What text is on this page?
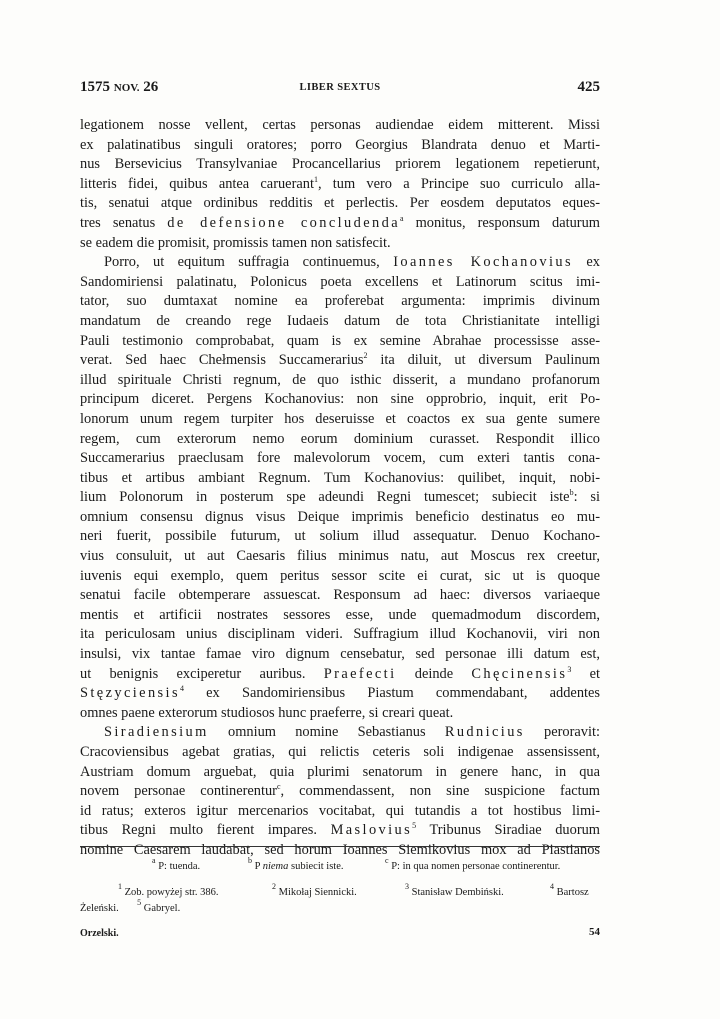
1575 NOV. 26	LIBER SEXTUS	425
legationem nosse vellent, certas personas audiendae eidem mitterent. Missi
ex palatinatibus singuli oratores; porro Georgius Blandrata denuo et Marti-
nus Bersevicius Transylvaniae Procancellarius priorem legationem repetierunt,
litteris fidei, quibus antea caruerant$^1$, tum vero a Principe suo curriculo alla-
tis, senatui atque ordinibus redditis et perlectis. Per eosdem deputatos eques-
tres senatus de defensione concludenda$^a$ monitus, responsum daturum
se eadem die promisit, promissis tamen non satisfecit.
Porro, ut equitum suffragia continuemus, Ioannes Kochanovius ex
Sandomiriensi palatinatu, Polonicus poeta excellens et Latinorum scitus imi-
tator, suo dumtaxat nomine ea proferebat argumenta: imprimis divinum
mandatum de creando rege Iudaeis datum de tota Christianitate intelligi
Pauli testimonio comprobabat, quam is ex semine Abrahae processisse asse-
verat. Sed haec Chełmensis Succamerarius$^2$ ita diluit, ut diversum Paulinum
illud spirituale Christi regnum, de quo isthic disserit, a mundano profanorum
principum diceret. Pergens Kochanovius: non sine opprobrio, inquit, erit Po-
lonorum unum regem turpiter hos deseruisse et coactos ex sua gente sumere
regem, cum exterorum nemo eorum dominium curasset. Respondit illico
Succamerarius praeclusam fore malevolorum vocem, cum exteri tantis cona-
tibus et artibus ambiant Regnum. Tum Kochanovius: quilibet, inquit, nobi-
lium Polonorum in posterum spe adeundi Regni tumescet; subiecit iste$^b$: si
omnium consensu dignus visus Deique imprimis beneficio destinatus eo mu-
neri fuerit, possibile futurum, ut solium illud assequatur. Denuo Kochano-
vius consuluit, ut aut Caesaris filius minimus natu, aut Moscus rex creetur,
iuvenis equi exemplo, quem peritus sessor scite ei curat, sic ut is quoque
senatui facile obtemperare assuescat. Responsum ad haec: diversos variaeque
mentis et artificii nostrates sessores esse, unde quemadmodum discordem,
ita periculosam unius disciplinam videri. Suffragium illud Kochanovii, viri non
insulsi, vix tantae famae viro dignum censebatur, sed personae illi datum est,
ut benignis exciperetur auribus. Praefecti deinde Chęcinensis$^3$ et
Stęzyciensis$^4$ ex Sandomiriensibus Piastum commendabant, addentes
omnes paene exterorum studiosos hunc praeferre, si creari queat.
Siradiensium omnium nomine Sebastianus Rudnicius peroravit:
Cracoviensibus agebat gratias, qui relictis ceteris soli indigenae assensissent,
Austriam domum arguebat, quia plurimi senatorum in genere hanc, in qua
novem personae continerentur$^c$, commendassent, non sine suspicione factum
id ratus; exteros igitur mercenarios vocitabat, qui tutandis a tot hostibus limi-
tibus Regni multo fierent impares. Maslovius$^5$ Tribunus Siradiae duorum
nomine Caesarem laudabat, sed horum Ioannes Siemikovius mox ad Piastianos
$^a$ P: tuenda.
$^b$ P niema subiecit iste.
$^c$ P: in qua nomen personae continerentur.
$^1$ Zob. powyżej str. 386.
$^2$ Mikołaj Siennicki.
$^3$ Stanisław Dembiński.
$^4$ Bartosz
Żeleński.       $^5$ Gabryel.
Orzelski.	54
